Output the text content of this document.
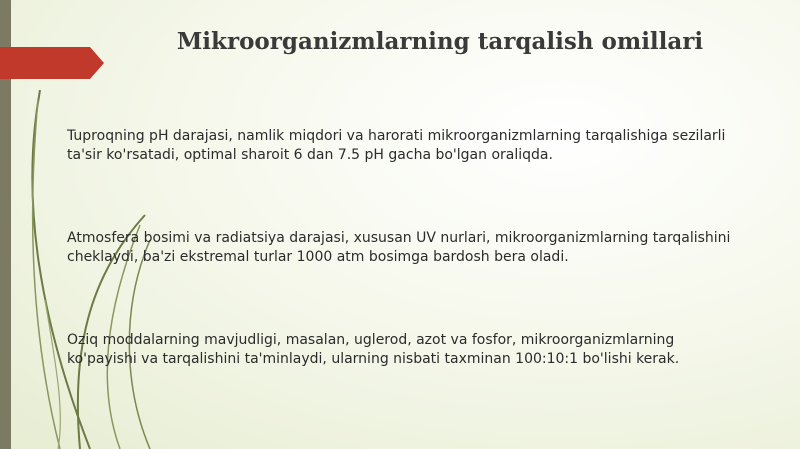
Mikroorganizmlarning tarqalish omillari
Tuproqning pH darajasi, namlik miqdori va harorati mikroorganizmlarning tarqalishiga sezilarli ta'sir ko'rsatadi, optimal sharoit 6 dan 7.5 pH gacha bo'lgan oraliqda.
Atmosfera bosimi va radiatsiya darajasi, xususan UV nurlari, mikroorganizmlarning tarqalishini cheklaydi, ba'zi ekstremal turlar 1000 atm bosimga bardosh bera oladi.
Oziq moddalarning mavjudligi, masalan, uglerod, azot va fosfor, mikroorganizmlarning ko'payishi va tarqalishini ta'minlaydi, ularning nisbati taxminan 100:10:1 bo'lishi kerak.
